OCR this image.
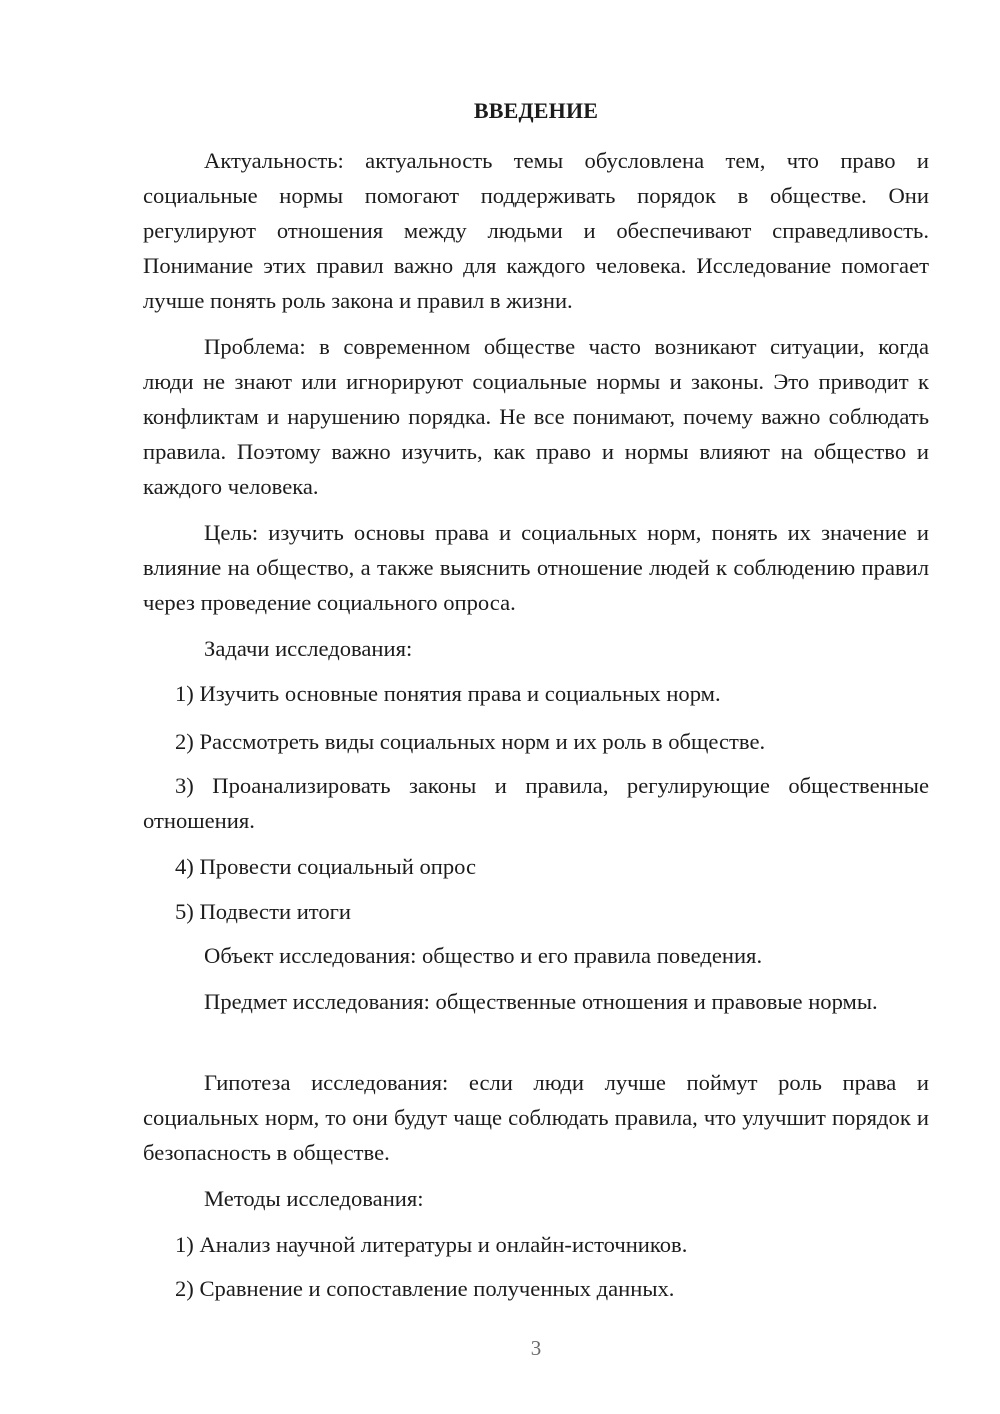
ВВЕДЕНИЕ

Актуальность: актуальность темы обусловлена тем, что право и социальные нормы помогают поддерживать порядок в обществе. Они регулируют отношения между людьми и обеспечивают справедливость. Понимание этих правил важно для каждого человека. Исследование помогает лучше понять роль закона и правил в жизни.

Проблема: в современном обществе часто возникают ситуации, когда люди не знают или игнорируют социальные нормы и законы. Это приводит к конфликтам и нарушению порядка. Не все понимают, почему важно соблюдать правила. Поэтому важно изучить, как право и нормы влияют на общество и каждого человека.

Цель: изучить основы права и социальных норм, понять их значение и влияние на общество, а также выяснить отношение людей к соблюдению правил через проведение социального опроса.

Задачи исследования:

1) Изучить основные понятия права и социальных норм.

2) Рассмотреть виды социальных норм и их роль в обществе.

3) Проанализировать законы и правила, регулирующие общественные отношения.

4) Провести социальный опрос

5) Подвести итоги

Объект исследования: общество и его правила поведения.

Предмет исследования: общественные отношения и правовые нормы.

Гипотеза исследования: если люди лучше поймут роль права и социальных норм, то они будут чаще соблюдать правила, что улучшит порядок и безопасность в обществе.

Методы исследования:

1) Анализ научной литературы и онлайн-источников.

2) Сравнение и сопоставление полученных данных.

3
